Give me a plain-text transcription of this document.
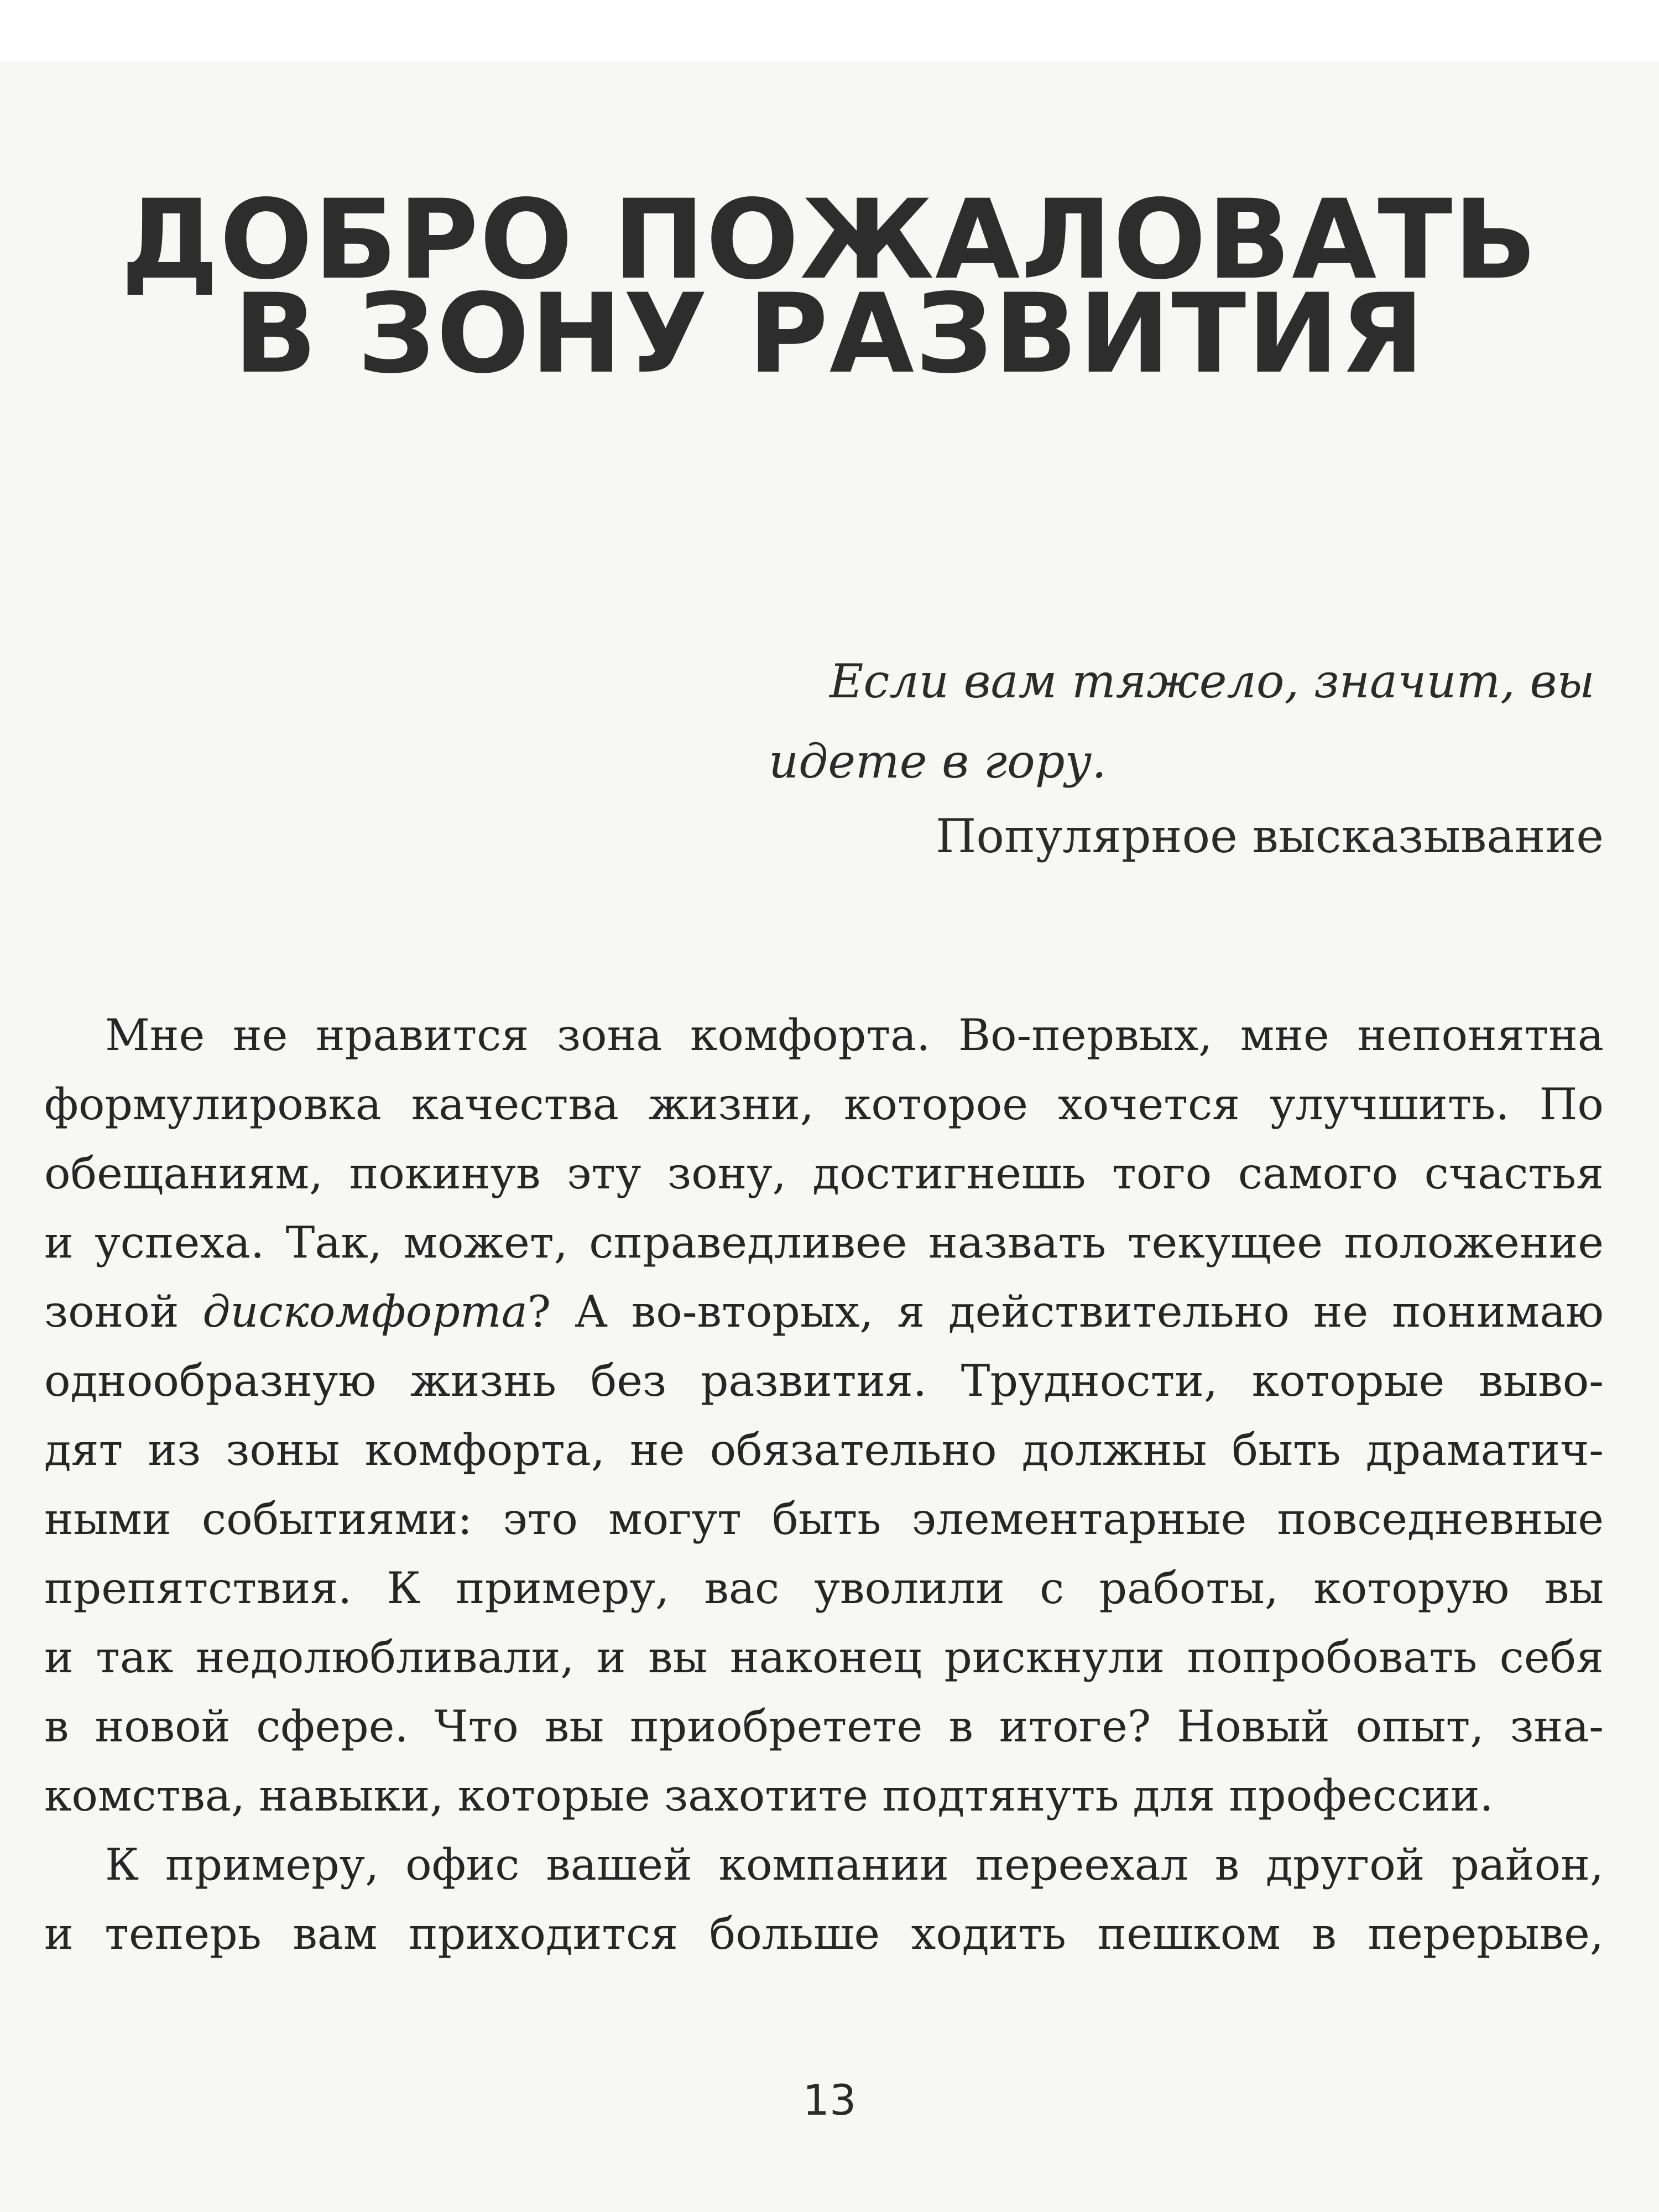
ДОБРО ПОЖАЛОВАТЬ
В ЗОНУ РАЗВИТИЯ

Если вам тяжело, значит, вы

идете в гору.

Популярное высказывание

Мне не нравится зона комфорта. Во-первых, мне непонятна
формулировка качества жизни, которое хочется улучшить. По
обещаниям, покинув эту зону, достигнешь того самого счастья
и успеха. Так, может, справедливее назвать текущее положение
зоной дискомфорта? А во-вторых, я действительно не понимаю
однообразную жизнь без развития. Трудности, которые выво-
дят из зоны комфорта, не обязательно должны быть драматич-
ными событиями: это могут быть элементарные повседневные
препятствия. К примеру, вас уволили с работы, которую вы
и так недолюбливали, и вы наконец рискнули попробовать себя
в новой сфере. Что вы приобретете в итоге? Новый опыт, зна-
комства, навыки, которые захотите подтянуть для профессии.
К примеру, офис вашей компании переехал в другой район,
и теперь вам приходится больше ходить пешком в перерыве,

13
